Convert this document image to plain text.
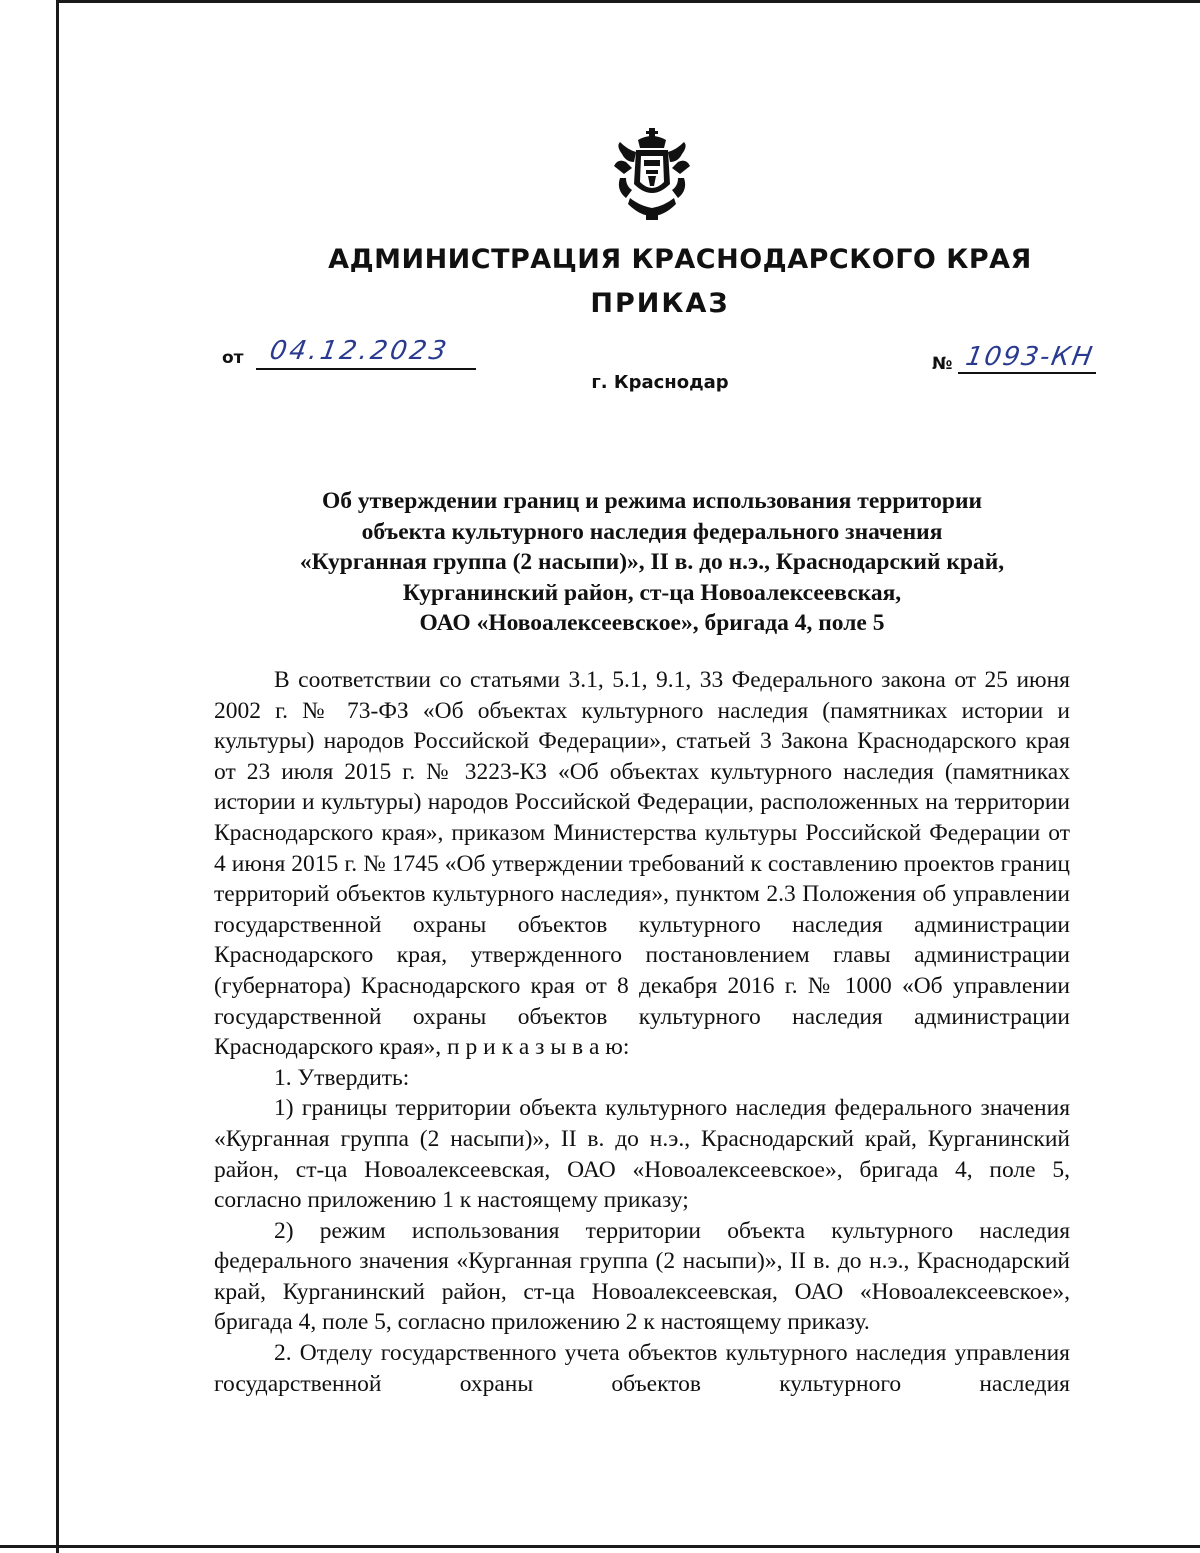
АДМИНИСТРАЦИЯ КРАСНОДАРСКОГО КРАЯ
ПРИКАЗ
от 04.12.2023	№ 1093-КН
г. Краснодар
Об утверждении границ и режима использования территории
объекта культурного наследия федерального значения
«Курганная группа (2 насыпи)», II в. до н.э., Краснодарский край,
Курганинский район, ст-ца Новоалексеевская,
ОАО «Новоалексеевское», бригада 4, поле 5

В соответствии со статьями 3.1, 5.1, 9.1, 33 Федерального закона от 25 июня 2002 г. № 73-ФЗ «Об объектах культурного наследия (памятниках истории и культуры) народов Российской Федерации», статьей 3 Закона Краснодарского края от 23 июля 2015 г. № 3223-КЗ «Об объектах культурного наследия (памятниках истории и культуры) народов Российской Федерации, расположенных на территории Краснодарского края», приказом Министерства культуры Российской Федерации от 4 июня 2015 г. № 1745 «Об утверждении требований к составлению проектов границ территорий объектов культурного наследия», пунктом 2.3 Положения об управлении государственной охраны объектов культурного наследия администрации Краснодарского края, утвержденного постановлением главы администрации (губернатора) Краснодарского края от 8 декабря 2016 г. № 1000 «Об управлении государственной охраны объектов культурного наследия администрации Краснодарского края», п р и к а з ы в а ю:

1. Утвердить:

1) границы территории объекта культурного наследия федерального значения «Курганная группа (2 насыпи)», II в. до н.э., Краснодарский край, Курганинский район, ст-ца Новоалексеевская, ОАО «Новоалексеевское», бригада 4, поле 5, согласно приложению 1 к настоящему приказу;

2) режим использования территории объекта культурного наследия федерального значения «Курганная группа (2 насыпи)», II в. до н.э., Краснодарский край, Курганинский район, ст-ца Новоалексеевская, ОАО «Новоалексеевское», бригада 4, поле 5, согласно приложению 2 к настоящему приказу.

2. Отделу государственного учета объектов культурного наследия управления государственной охраны объектов культурного наследия
